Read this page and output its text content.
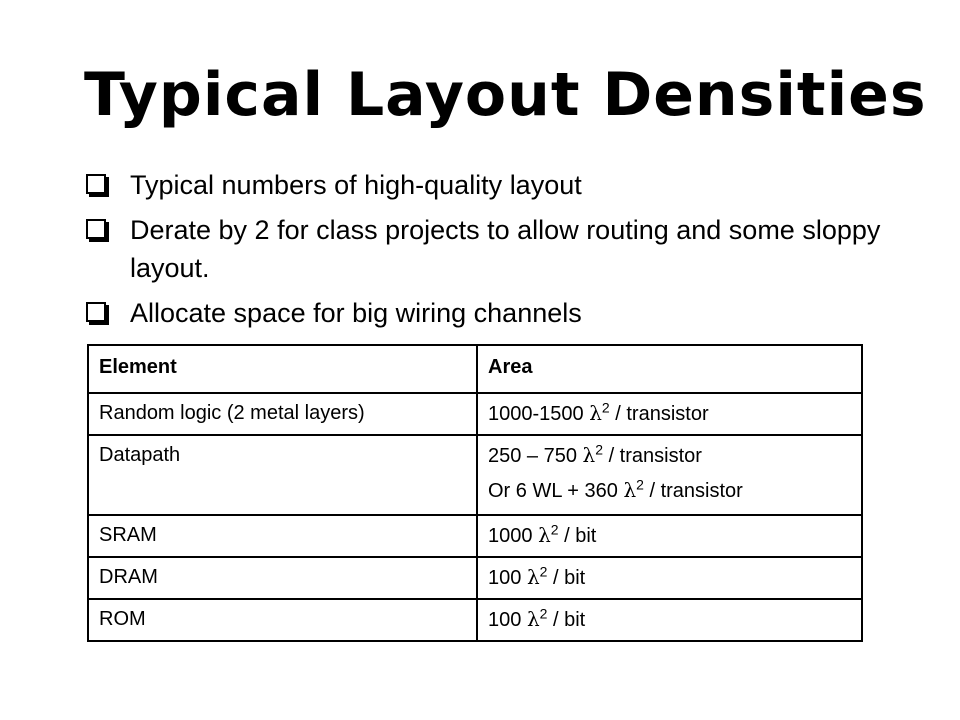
Typical Layout Densities
Typical numbers of high-quality layout
Derate by 2 for class projects to allow routing and some sloppy layout.
Allocate space for big wiring channels
Element	Area
Random logic (2 metal layers)	1000-1500 $\lambda^2$ / transistor
Datapath	250 – 750 $\lambda^2$ / transistor
Or 6 WL + 360 $\lambda^2$ / transistor

SRAM	1000 $\lambda^2$ / bit
DRAM	100 $\lambda^2$ / bit
ROM	100 $\lambda^2$ / bit
